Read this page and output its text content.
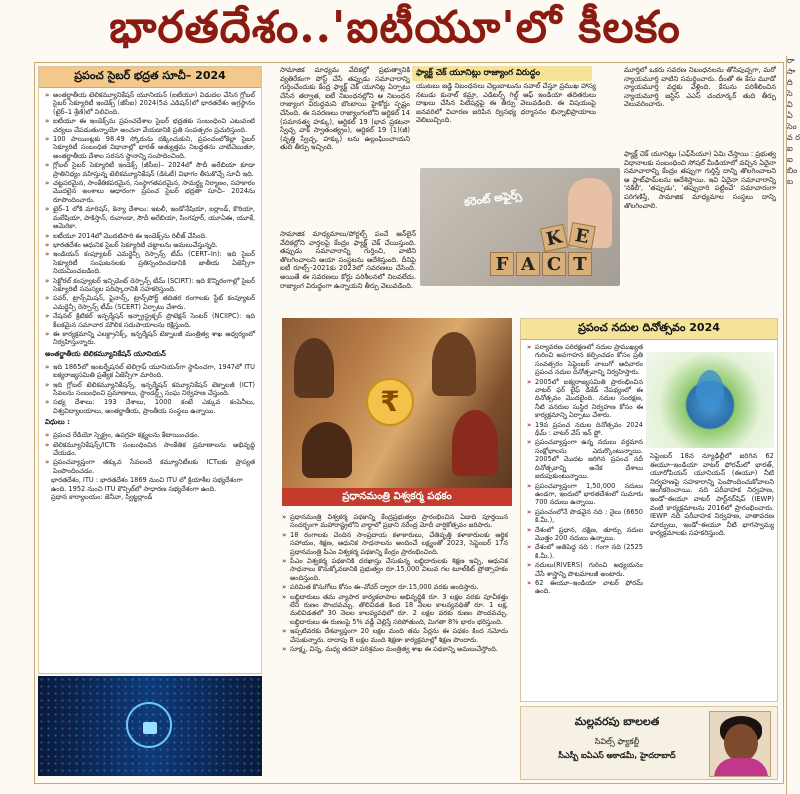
భారతదేశం..'ఐటీయూ'లో కీలకం
రా సా ది సె వి ఏ సెం వ ర ఐ ఐ బిం బ
ప్రపంచ సైబర్ భద్రత సూచీ– 2024
» అంతర్జాతీయ టెలికమ్యూనికేషన్ యూనియన్ (ఐటీయూ) విడుదల చేసిన గ్లోబల్ సైబర్ సెక్యూరిటీ ఇండెక్స్ (జీసీఐ) 2024(5వ ఎడిషన్)లో భారతదేశం అగ్రస్థానం (టైర్–1 శ్రేణి)లో నిలిచింది.
» ఐటీయూ ఈ ఇండెక్స్‌ను ప్రపంచదేశాల సైబర్ భద్రతకు సంబంధించి ఎటువంటి చర్యలు చేపడుతున్నాయో అంచనా వేయడానికి ప్రతి సంవత్సరం ప్రచురిస్తుంది.
» 100 పాయింట్లకు 98.49 స్కోరును దక్కించుకుని, ప్రపంచంలోకెల్లా సైబర్ సెక్యూరిటీ సంబంధిత విధానాల్లో భారత్ అత్యుత్తమ నిబద్ధతను చాటిచెబుతూ, అంతర్జాతీయ దేశాల సరసన స్థానాన్ని సంపాదించింది.
» గ్లోబల్ సైబర్ సెక్యూరిటీ ఇండెక్స్ (జీసీఐ)– 2024లో సౌదీ అరేబియా కూడా ప్రాతినిధ్యం వహిస్తున్న టెలికమ్యూనికేషన్ (డిఓటీ) విభాగం తీసుకొచ్చే సూచీ ఇది.
» చట్టపరమైన, సాంకేతికపరమైన, సంస్థాగతపరమైన, సామర్థ్య నిర్మాణం, సహకారం మొదలైన అంశాలు ఆధారంగా ప్రపంచ సైబర్ భద్రతా సూచీ– 2024ను రూపొందించారు.
» టైర్–1 లోకి మారిషస్, కెన్యా దేశాలు: ఇటలీ, ఇండోనేషియా, ఐర్లాండ్, కొరియా, మలేషియా, పాకిస్తాన్, రువాండా, సౌదీ అరేబియా, సింగపూర్, యూఏఈ, యూకే, అమెరికా.
» ఐటీయూ 2014లో మొదటిసారి ఈ ఇండెక్స్‌ను రిలీజ్ చేసింది.
» భారతదేశం ఆధునిక సైబర్ సెక్యూరిటీ చట్టాలను అమలుచేస్తున్నది.
» ఇండియన్ కంప్యూటర్ ఎమర్జెన్సీ రెస్పాన్స్ టీమ్ (CERT–In): ఇది సైబర్ సెక్యూరిటీ సంఘటనలకు ప్రతిస్పందించడానికి జాతీయ ఏజెన్సీగా నియమించబడింది.
» సెక్టోరల్ కంప్యూటర్ ఇన్సిడెంట్ రెస్పాన్స్ టీమ్ (SCIRT): ఇది కొన్నిరంగాల్లో సైబర్ సెక్యూరిటీ సమస్యల పరిష్కారానికి సహకరిస్తుంది.
» పవర్, ట్రాన్స్‌మిషన్, ఫైనాన్స్, ట్రాన్స్‌పోర్ట్ తదితర రంగాలకు స్టేట్ కంప్యూటర్ ఎమర్జెన్సీ రెస్పాన్స్ టీమ్ (SCERT) ఏర్పాటు చేశారు.
» నేషనల్ క్రిటికల్ ఇన్ఫర్మేషన్ ఇన్ఫ్రాస్ట్రక్చర్ ప్రొటెక్షన్ సెంటర్ (NCIIPC): ఇది కీలకమైన సమాచార మౌలిక సదుపాయాలను రక్షిస్తుంది.
» ఈ కార్యక్రమాన్ని ఎలక్ట్రానిక్స్, ఇన్ఫర్మేషన్ టెక్నాలజీ మంత్రిత్వ శాఖ ఆధ్వర్యంలో నిర్వహిస్తున్నారు.
అంతర్జాతీయ టెలికమ్యూనికేషన్ యూనియన్
» ఇది 1865లో ఇంటర్నేషనల్ టెలిగ్రాఫ్ యూనియన్‌గా స్థాపించగా, 1947లో ITU ఐక్యరాజ్యసమితి ప్రత్యేక ఏజెన్సీగా మారింది.
» ఇది గ్లోబల్ టెలికమ్యూనికేషన్స్, ఇన్ఫర్మేషన్ కమ్యూనికేషన్ టెక్నాలజీ (ICT) సేవలను సంబంధించి ప్రమాణాలు, స్టాండర్డ్స్ సంఘ నిర్వహణ చేస్తుంది.
» సభ్య దేశాలు: 193 దేశాలు, 1000 కంటే ఎక్కువ కంపెనీలు, విశ్వవిద్యాలయాలు, అంతర్జాతీయ, ప్రాంతీయ సంస్థలు ఉన్నాయి.
విధులు :
» ప్రపంచ రేడియో స్పెక్ట్రం, ఉపగ్రహ కక్ష్యలను కేటాయించడం.
» టెలికమ్యూనికేషన్స్/ICTs సంబంధించిన సాంకేతిక ప్రమాణాలను అభివృద్ధి చేయడం.
» ప్రపంచవ్యాప్తంగా తక్కువ సేవలందే కమ్యూనిటీలకు ICTలకు ప్రాప్యత పెంపొందించడం.
భారతదేశం, ITU : భారతదేశం 1869 నుంచి ITU లో క్రియాశీల సభ్యదేశంగా ఉంది. 1952 నుంచి ITU కౌన్సిల్‌లో సాధారణ సభ్యదేశంగా ఉంది.
ప్రధాన కార్యాలయం: జెనీవా, స్విట్జర్లాండ్
సామాజిక మాధ్యమ వేదికల్లో ప్రభుత్వానికి వ్యతిరేకంగా పోస్ట్ చేసే తప్పుడు సమాచారాన్ని గుర్తించేందుకు కేంద్ర ఫ్యాక్ట్ చెక్ యూనిట్ల ఏర్పాటు చేసిన తర్వాత, ఐటీ నిబంధనల్లోని ఆ నిబంధన రాజ్యాంగ విరుద్ధమని బొంబాయి హైకోర్టు స్పష్టం చేసింది. ఈ సవరణలు రాజ్యాంగంలోని ఆర్టికల్ 14 (సమానత్వ హక్కు), ఆర్టికల్ 19 (భావ ప్రకటనా స్వేచ్ఛ వాక్ స్వాతంత్య్రం), ఆర్టికల్ 19 (1)(జీ) (వృత్తి స్వేచ్ఛ, హక్కు) లను ఉల్లంఘించాయని తుది తీర్పు ఇచ్చింది.
ఫ్యాక్ట్ చెక్ యూనిట్లు రాజ్యాంగ విరుద్ధం
యుటబు జడ్జి నిబంధనలు చెల్లుబాటును సవాల్ చేస్తూ ప్రముఖ హాస్య నటుడు కునాల్ కమ్రా, ఎడిటర్స్ గిల్డ్ ఆఫ్ ఇండియా తదితరులు దాఖలు చేసిన పిటిషన్లపై ఈ తీర్పు వెలువడింది. ఈ విషయంపై జనవరిలో విచారణ జరిపిన ద్విసభ్య ధర్మాసనం భిన్నాభిప్రాయాలు వెలిబుచ్చింది.
మూర్తిలో ఒకరు సవరణ నిబంధనలను తోసిపుచ్చగా, మరో న్యాయమూర్తి వాటిని సమర్థించారు. దీంతో ఈ కేసు మూడో న్యాయమూర్తి వద్దకు వెళ్లింది. కేసును పరిశీలించిన న్యాయమూర్తి జస్టిస్ ఎఎస్ చందూర్కర్ తుది తీర్పు వెలువరించారు.
ఫ్యాక్ట్ చెక్ యూనిట్లు (ఎఫ్‌సీయూ) ఏమి చేస్తాయి : ప్రభుత్వ విధానాలకు సంబంధించి సోషల్ మీడియాలో వచ్చిన ఏదైనా సమాచారాన్ని కేంద్రం తప్పుగా గుర్తిస్తే దాన్ని తొలగించాలని ఆ ప్లాట్‌ఫామ్‌లను ఆదేశిస్తాయి. ఇవి ఏదైనా సమాచారాన్ని 'నకిలీ', 'తప్పుడు', 'తప్పుదారి పట్టించే' సమాచారంగా పరిగణిస్తే, సామాజిక మాధ్యమాల సంస్థలు దాన్ని తొలగించాలి.
సామాజిక మాధ్యమాలు/పోర్టల్స్ పంచే ఆన్‌లైన్ వేదికల్లోని వార్తలపై కేంద్రం ఫ్యాక్ట్ చెక్ చేయిస్తుంది. తప్పుడు సమాచారాన్ని గుర్తించి, వాటిని తొలగించాలని ఆయా సంస్థలను ఆదేశిస్తుంది. దీనిపై ఐటీ రూల్స్–2021కు 2023లో సవరణలు చేసింది. అయితే ఈ సవరణలు కోర్టు పరిశీలనలో నిలవలేదు. రాజ్యాంగ విరుద్ధంగా ఉన్నాయని తీర్పు వెలువడింది.
కరెంట్ అఫైర్స్
F A C T
K E
₹
ప్రధానమంత్రి విశ్వకర్మ పథకం
» ప్రధానమంత్రి విశ్వకర్మ పథకాన్ని కేంద్రప్రభుత్వం ప్రారంభించిన ఏడాది పూర్తయిన సందర్భంగా మహారాష్ట్రలోని వార్ధాలో ప్రధాని నరేంద్ర మోదీ వార్షికోత్సవం జరిపారు.
» 18 రంగాలకు చెందిన సాంప్రదాయ కళాకారులు, చేతివృత్తి కళాకారులకు ఆర్థిక సహాయం, శిక్షణ, ఆధునిక సాధనాలను అందించే లక్ష్యంతో 2023, సెప్టెంబర్ 17న ప్రధానమంత్రి పీఎం విశ్వకర్మ పథకాన్ని కేంద్రం ప్రారంభించింది.
» పీఎం విశ్వకర్మ పథకానికి దరఖాస్తు చేసుకున్న లబ్ధిదారులకు శిక్షణ ఇచ్చి, ఆధునిక సాధనాలు కొనుక్కోవడానికి ప్రభుత్వం రూ.15,000 విలువ గల టూల్‌కిట్ ప్రోత్సాహకం అందిస్తుంది.
» పరిమిత కొనుగోలు కోసం ఈ–వోచర్ ద్వారా రూ.15,000 వరకు అందిస్తారు.
» లబ్ధిదారులు తమ వ్యాపార కార్యకలాపాల అభివృద్ధికి రూ. 3 లక్షల వరకు పూచీకత్తు లేని రుణం పొందవచ్చు. తొలివిడత కింద 18 నెలల కాలవ్యవధితో రూ. 1 లక్ష, మలివిడతలో 30 నెలల కాలవ్యవధిలో రూ. 2 లక్షల వరకు రుణం పొందవచ్చు. లబ్ధిదారులు ఈ రుణంపై 5% వడ్డీ చెల్లిస్తే సరిపోతుంది, మిగతా 8% భారం భరిస్తుంది.
» ఇప్పటివరకు దేశవ్యాప్తంగా 20 లక్షల మంది తమ పేర్లను ఈ పథకం కింద నమోదు చేసుకున్నారు. దాదాపు 8 లక్షల మంది శిక్షణా కార్యక్రమాల్లో శిక్షణ పొందారు.
» సూక్ష్మ, చిన్న, మధ్య తరహా పరిశ్రమల మంత్రిత్వ శాఖ ఈ పథకాన్ని అమలుచేస్తోంది.
ప్రపంచ నదుల దినోత్సవం 2024
» పర్యావరణ పరిరక్షణలో నదుల ప్రాముఖ్యత గురించి అవగాహన కల్పించడం కోసం ప్రతి సంవత్సరం సెప్టెంబర్ నాలుగో ఆదివారం ప్రపంచ నదుల దినోత్సవాన్ని నిర్వహిస్తారు.
» 2005లో ఐక్యరాజ్యసమితి ప్రారంభించిన వాటర్ ఫర్ లైఫ్ డికేడ్ నేపథ్యంలో ఈ దినోత్సవం మొదలైంది. నదుల సంరక్షణ, నీటి వనరుల సుస్థిర నిర్వహణ కోసం ఈ కార్యక్రమాన్ని ఏర్పాటు చేశారు.
» 19వ ప్రపంచ నదుల దినోత్సవం 2024 థీమ్ : వాటర్ వేస్ ఇన్ ఫ్లో.
» ప్రపంచవ్యాప్తంగా ఉన్న నదులు వర్తమాన సంక్షోభాలను ఎదుర్కొంటున్నాయి. 2005లో మొదట జరిగిన ప్రపంచ నదీ దినోత్సవాన్ని అనేక దేశాలు జరుపుకుంటున్నాయి.
» ప్రపంచవ్యాప్తంగా 1,50,000 నదులు ఉండగా, ఇందులో భారతదేశంలో సుమారు 700 నదులు ఉన్నాయి.
» ప్రపంచంలోనే పొడవైన నది : నైలు (6650 కి.మీ.),
» దేశంలో ప్రధాన, దక్షిణ, తూర్పు నదుల మొత్తం 200 నదులు ఉన్నాయి.
» దేశంలో అతిపెద్ద నది : గంగా నది (2525 కి.మీ.).
» నదులు(RIVERS) గురించి అధ్యయనం చేసే శాస్త్రాన్ని పొటమాలజీ అంటారు.
» 62 ఈయూ–ఇండియా వాటర్ ఫోరమ్ ఉంది.
సెప్టెంబర్ 18న న్యూఢిల్లీలో జరిగిన 62 ఈయూ–ఇండియా వాటర్ ఫోరమ్‌లో భారత్, యూరోపియన్ యూనియన్ (ఈయూ) నీటి నిర్వహణపై సహకారాన్ని పెంపొందించుకోవాలని అంగీకరించాయి. నది పరీవాహక నిర్వహణ, ఇండో–ఈయూ వాటర్ పార్ట్‌నర్‌షిప్ (IEWP) వంటి కార్యక్రమాలను 2016లో ప్రారంభించారు. IEWP నది పరీవాహక నిర్వహణ, వాతావరణ మార్పులు, ఇండో–ఈయూ నీటి భాగస్వామ్య కార్యక్రమాలకు సహకరిస్తుంది.
మల్లవరపు బాలలత
సివిల్స్ ఫ్యాకల్టీ
సీఎస్బీ ఐఏఎస్ అకాడమీ, హైదరాబాద్
